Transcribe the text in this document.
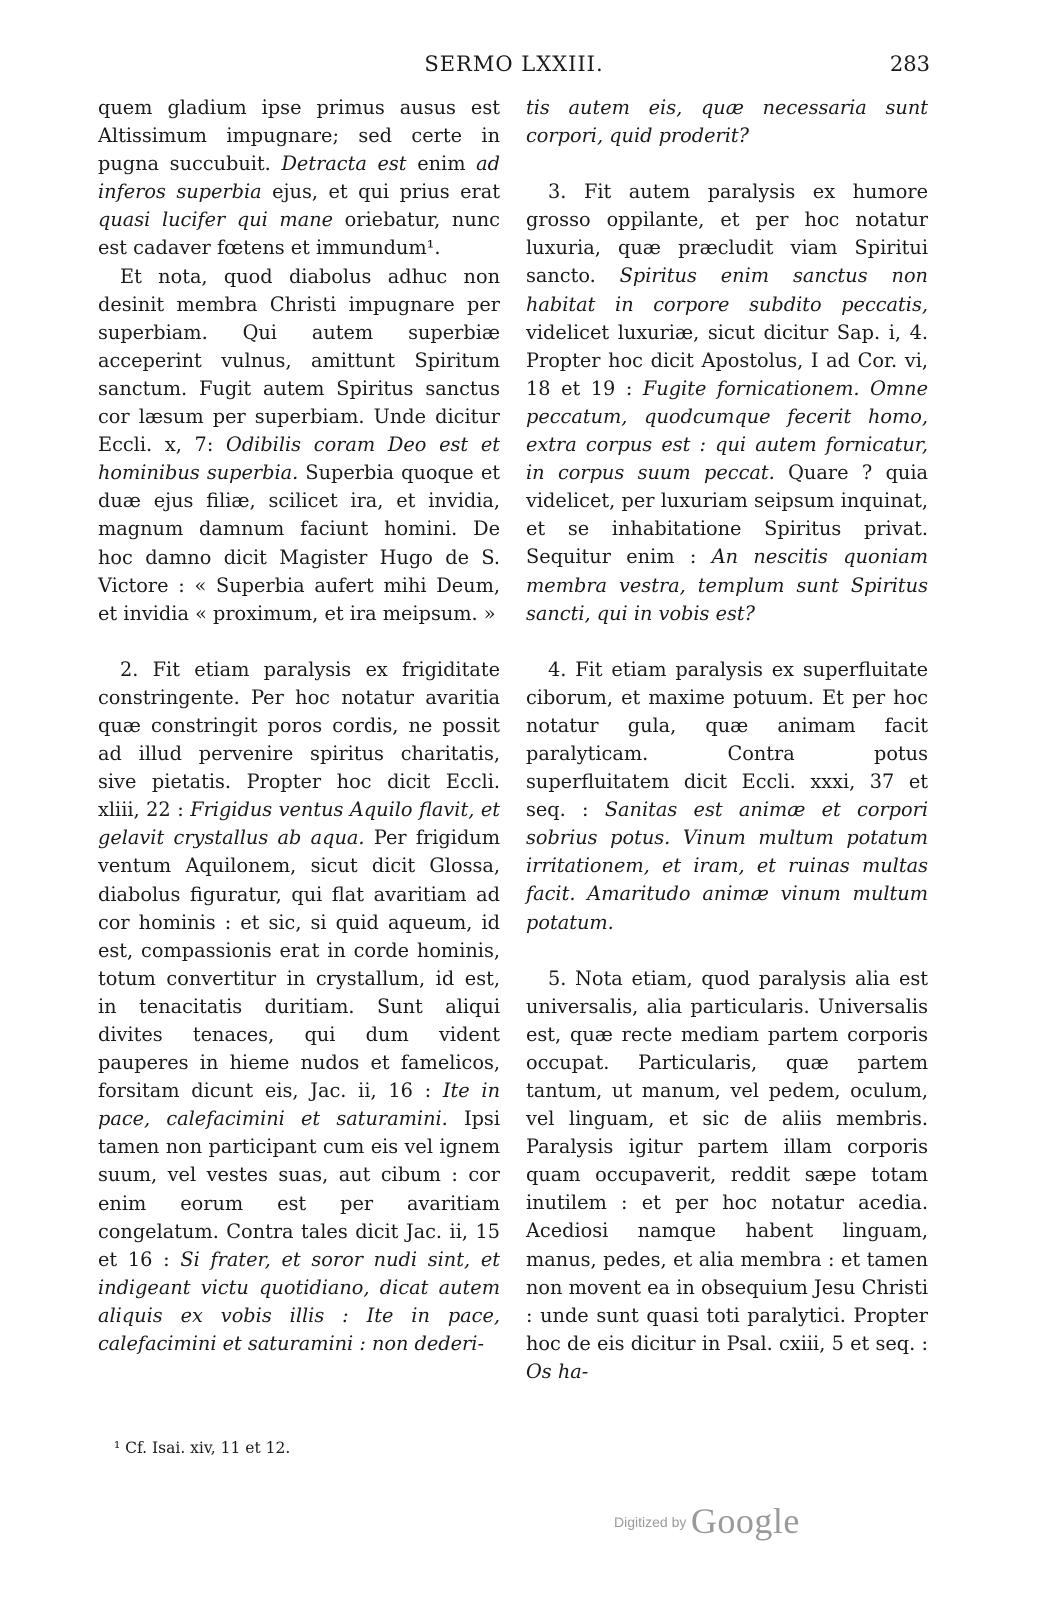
SERMO LXXIII.	283

quem gladium ipse primus ausus est Altissimum impugnare; sed certe in pugna succubuit. Detracta est enim ad inferos superbia ejus, et qui prius erat quasi lucifer qui mane oriebatur, nunc est cadaver fœtens et immundum¹.

Et nota, quod diabolus adhuc non desinit membra Christi impugnare per superbiam. Qui autem superbiæ acceperint vulnus, amittunt Spiritum sanctum. Fugit autem Spiritus sanctus cor læsum per superbiam. Unde dicitur Eccli. x, 7: Odibilis coram Deo est et hominibus superbia. Superbia quoque et duæ ejus filiæ, scilicet ira, et invidia, magnum damnum faciunt homini. De hoc damno dicit Magister Hugo de S. Victore : « Superbia aufert mihi Deum, et invidia « proximum, et ira meipsum. »

2. Fit etiam paralysis ex frigiditate constringente. Per hoc notatur avaritia quæ constringit poros cordis, ne possit ad illud pervenire spiritus charitatis, sive pietatis. Propter hoc dicit Eccli. xliii, 22 : Frigidus ventus Aquilo flavit, et gelavit crystallus ab aqua. Per frigidum ventum Aquilonem, sicut dicit Glossa, diabolus figuratur, qui flat avaritiam ad cor hominis : et sic, si quid aqueum, id est, compassionis erat in corde hominis, totum convertitur in crystallum, id est, in tenacitatis duritiam. Sunt aliqui divites tenaces, qui dum vident pauperes in hieme nudos et famelicos, forsitam dicunt eis, Jac. ii, 16 : Ite in pace, calefacimini et saturamini. Ipsi tamen non participant cum eis vel ignem suum, vel vestes suas, aut cibum : cor enim eorum est per avaritiam congelatum. Contra tales dicit Jac. ii, 15 et 16 : Si frater, et soror nudi sint, et indigeant victu quotidiano, dicat autem aliquis ex vobis illis : Ite in pace, calefacimini et saturamini : non dederi-

tis autem eis, quæ necessaria sunt corpori, quid proderit?

3. Fit autem paralysis ex humore grosso oppilante, et per hoc notatur luxuria, quæ præcludit viam Spiritui sancto. Spiritus enim sanctus non habitat in corpore subdito peccatis, videlicet luxuriæ, sicut dicitur Sap. i, 4. Propter hoc dicit Apostolus, I ad Cor. vi, 18 et 19 : Fugite fornicationem. Omne peccatum, quodcumque fecerit homo, extra corpus est : qui autem fornicatur, in corpus suum peccat. Quare ? quia videlicet, per luxuriam seipsum inquinat, et se inhabitatione Spiritus privat. Sequitur enim : An nescitis quoniam membra vestra, templum sunt Spiritus sancti, qui in vobis est?

4. Fit etiam paralysis ex superfluitate ciborum, et maxime potuum. Et per hoc notatur gula, quæ animam facit paralyticam. Contra potus superfluitatem dicit Eccli. xxxi, 37 et seq. : Sanitas est animæ et corpori sobrius potus. Vinum multum potatum irritationem, et iram, et ruinas multas facit. Amaritudo animæ vinum multum potatum.

5. Nota etiam, quod paralysis alia est universalis, alia particularis. Universalis est, quæ recte mediam partem corporis occupat. Particularis, quæ partem tantum, ut manum, vel pedem, oculum, vel linguam, et sic de aliis membris. Paralysis igitur partem illam corporis quam occupaverit, reddit sæpe totam inutilem : et per hoc notatur acedia. Acediosi namque habent linguam, manus, pedes, et alia membra : et tamen non movent ea in obsequium Jesu Christi : unde sunt quasi toti paralytici. Propter hoc de eis dicitur in Psal. cxiii, 5 et seq. : Os ha-

¹ Cf. Isai. xiv, 11 et 12.
Digitized by Google
